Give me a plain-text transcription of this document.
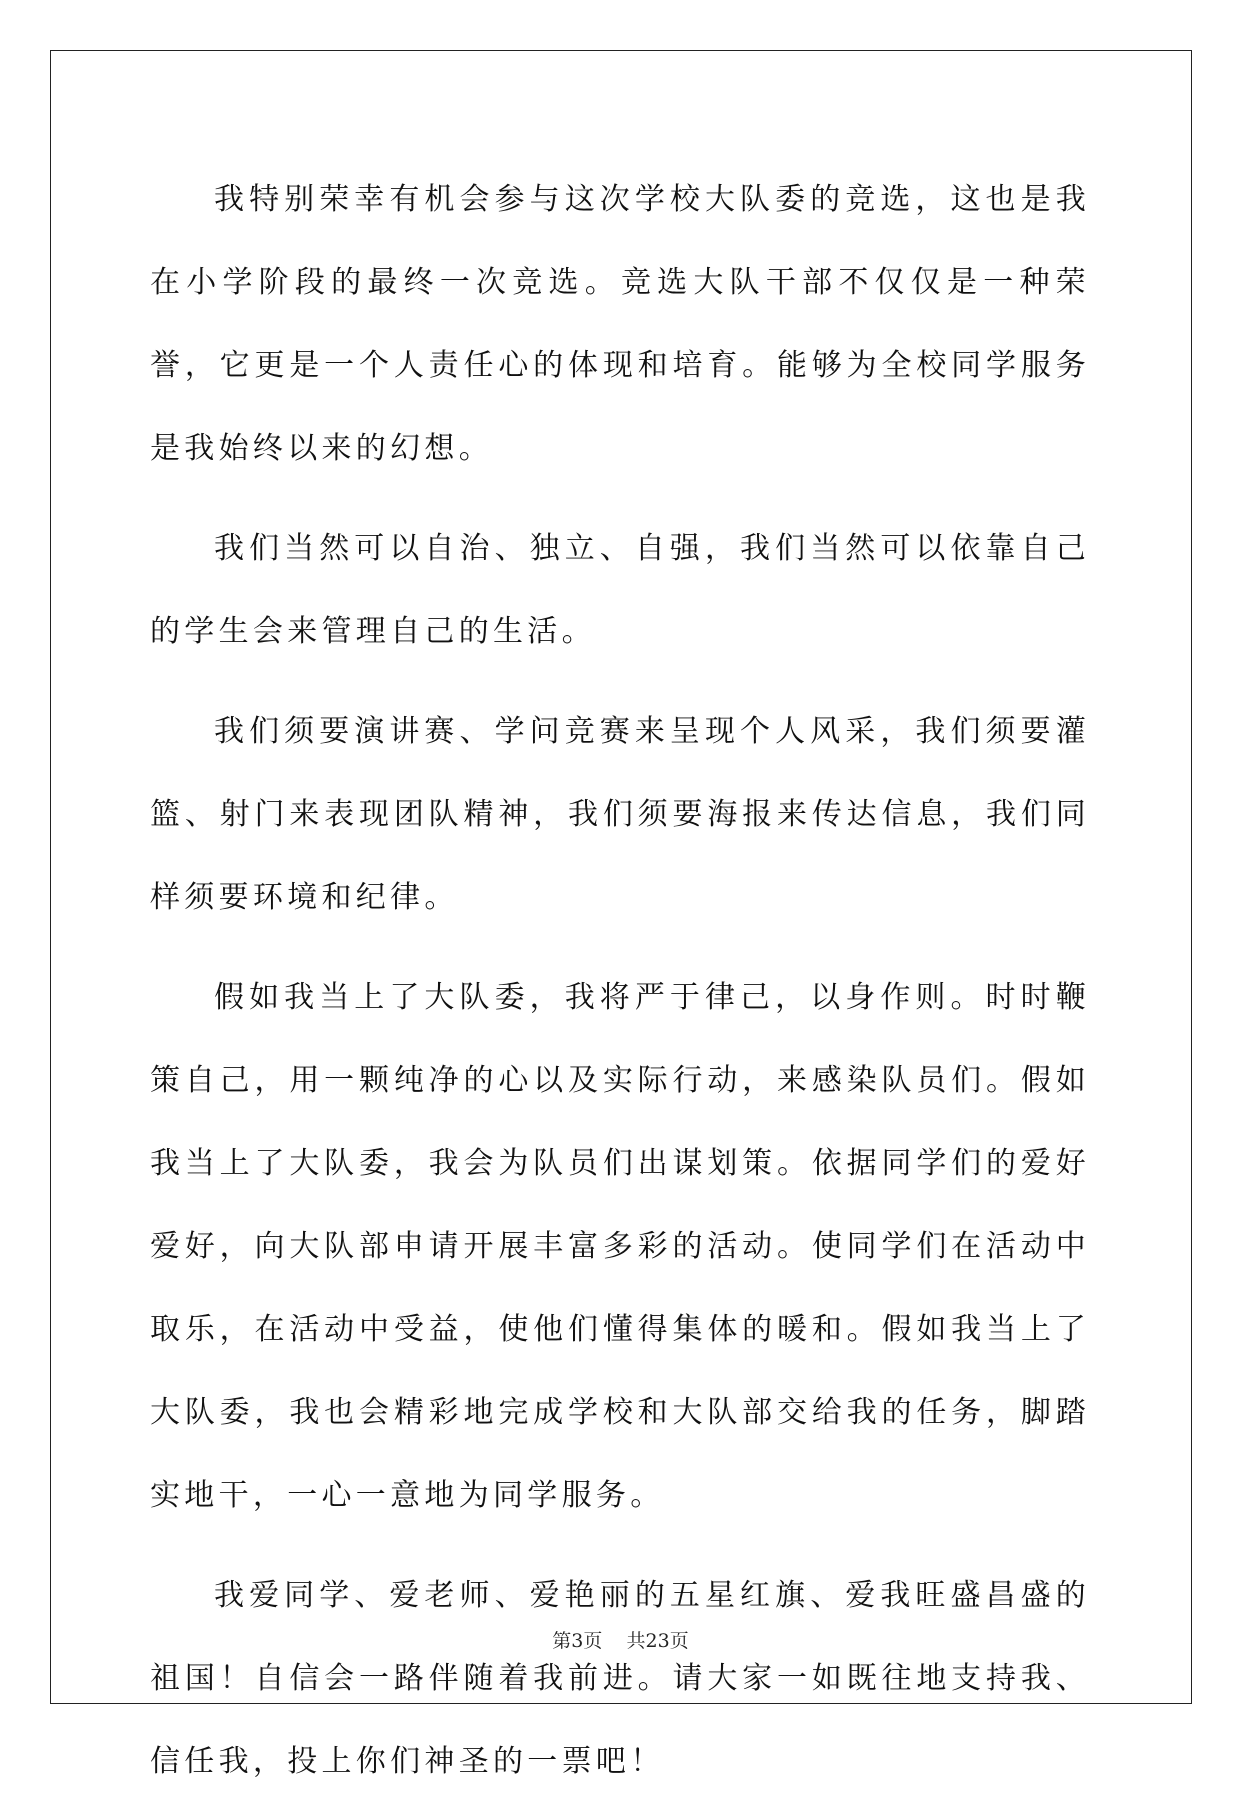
我特别荣幸有机会参与这次学校大队委的竞选，这也是我在小学阶段的最终一次竞选。竞选大队干部不仅仅是一种荣誉，它更是一个人责任心的体现和培育。能够为全校同学服务是我始终以来的幻想。

我们当然可以自治、独立、自强，我们当然可以依靠自己的学生会来管理自己的生活。

我们须要演讲赛、学问竞赛来呈现个人风采，我们须要灌篮、射门来表现团队精神，我们须要海报来传达信息，我们同样须要环境和纪律。

假如我当上了大队委，我将严于律己，以身作则。时时鞭策自己，用一颗纯净的心以及实际行动，来感染队员们。假如我当上了大队委，我会为队员们出谋划策。依据同学们的爱好爱好，向大队部申请开展丰富多彩的活动。使同学们在活动中取乐，在活动中受益，使他们懂得集体的暖和。假如我当上了大队委，我也会精彩地完成学校和大队部交给我的任务，脚踏实地干，一心一意地为同学服务。

我爱同学、爱老师、爱艳丽的五星红旗、爱我旺盛昌盛的祖国！自信会一路伴随着我前进。请大家一如既往地支持我、信任我，投上你们神圣的一票吧！

第3页 共23页
